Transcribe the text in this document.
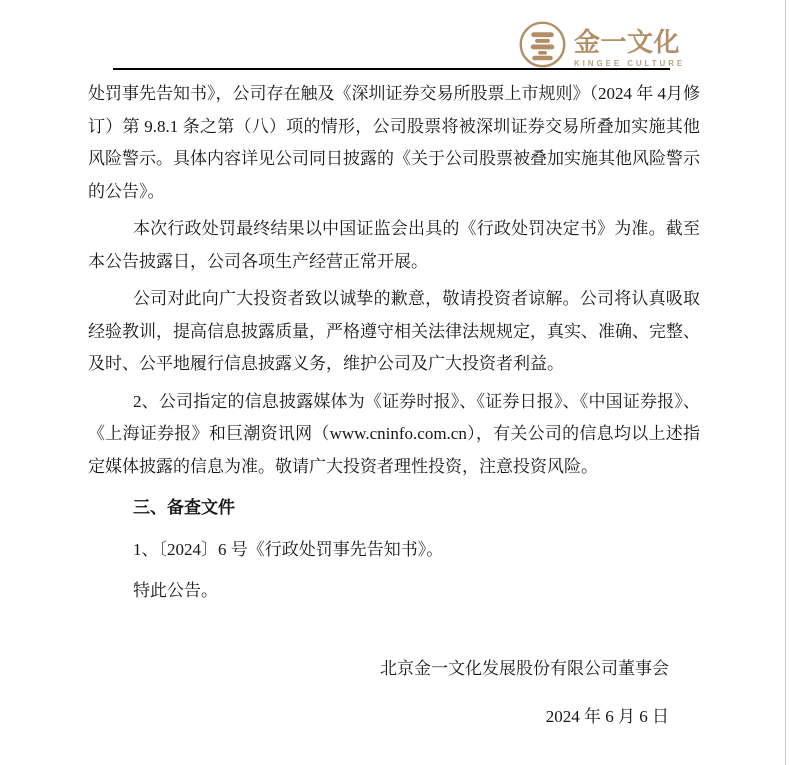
金一文化
KINGEE CULTURE

处罚事先告知书》，公司存在触及《深圳证券交易所股票上市规则》（2024 年 4月修订）第 9.8.1 条之第（八）项的情形，公司股票将被深圳证券交易所叠加实施其他风险警示。具体内容详见公司同日披露的《关于公司股票被叠加实施其他风险警示的公告》。

本次行政处罚最终结果以中国证监会出具的《行政处罚决定书》为准。截至本公告披露日，公司各项生产经营正常开展。

公司对此向广大投资者致以诚挚的歉意，敬请投资者谅解。公司将认真吸取经验教训，提高信息披露质量，严格遵守相关法律法规规定，真实、准确、完整、及时、公平地履行信息披露义务，维护公司及广大投资者利益。

2、公司指定的信息披露媒体为《证券时报》、《证券日报》、《中国证券报》、《上海证券报》和巨潮资讯网（www.cninfo.com.cn），有关公司的信息均以上述指定媒体披露的信息为准。敬请广大投资者理性投资，注意投资风险。

三、备查文件

1、〔2024〕6 号《行政处罚事先告知书》。

特此公告。

北京金一文化发展股份有限公司董事会

2024 年 6 月 6 日
